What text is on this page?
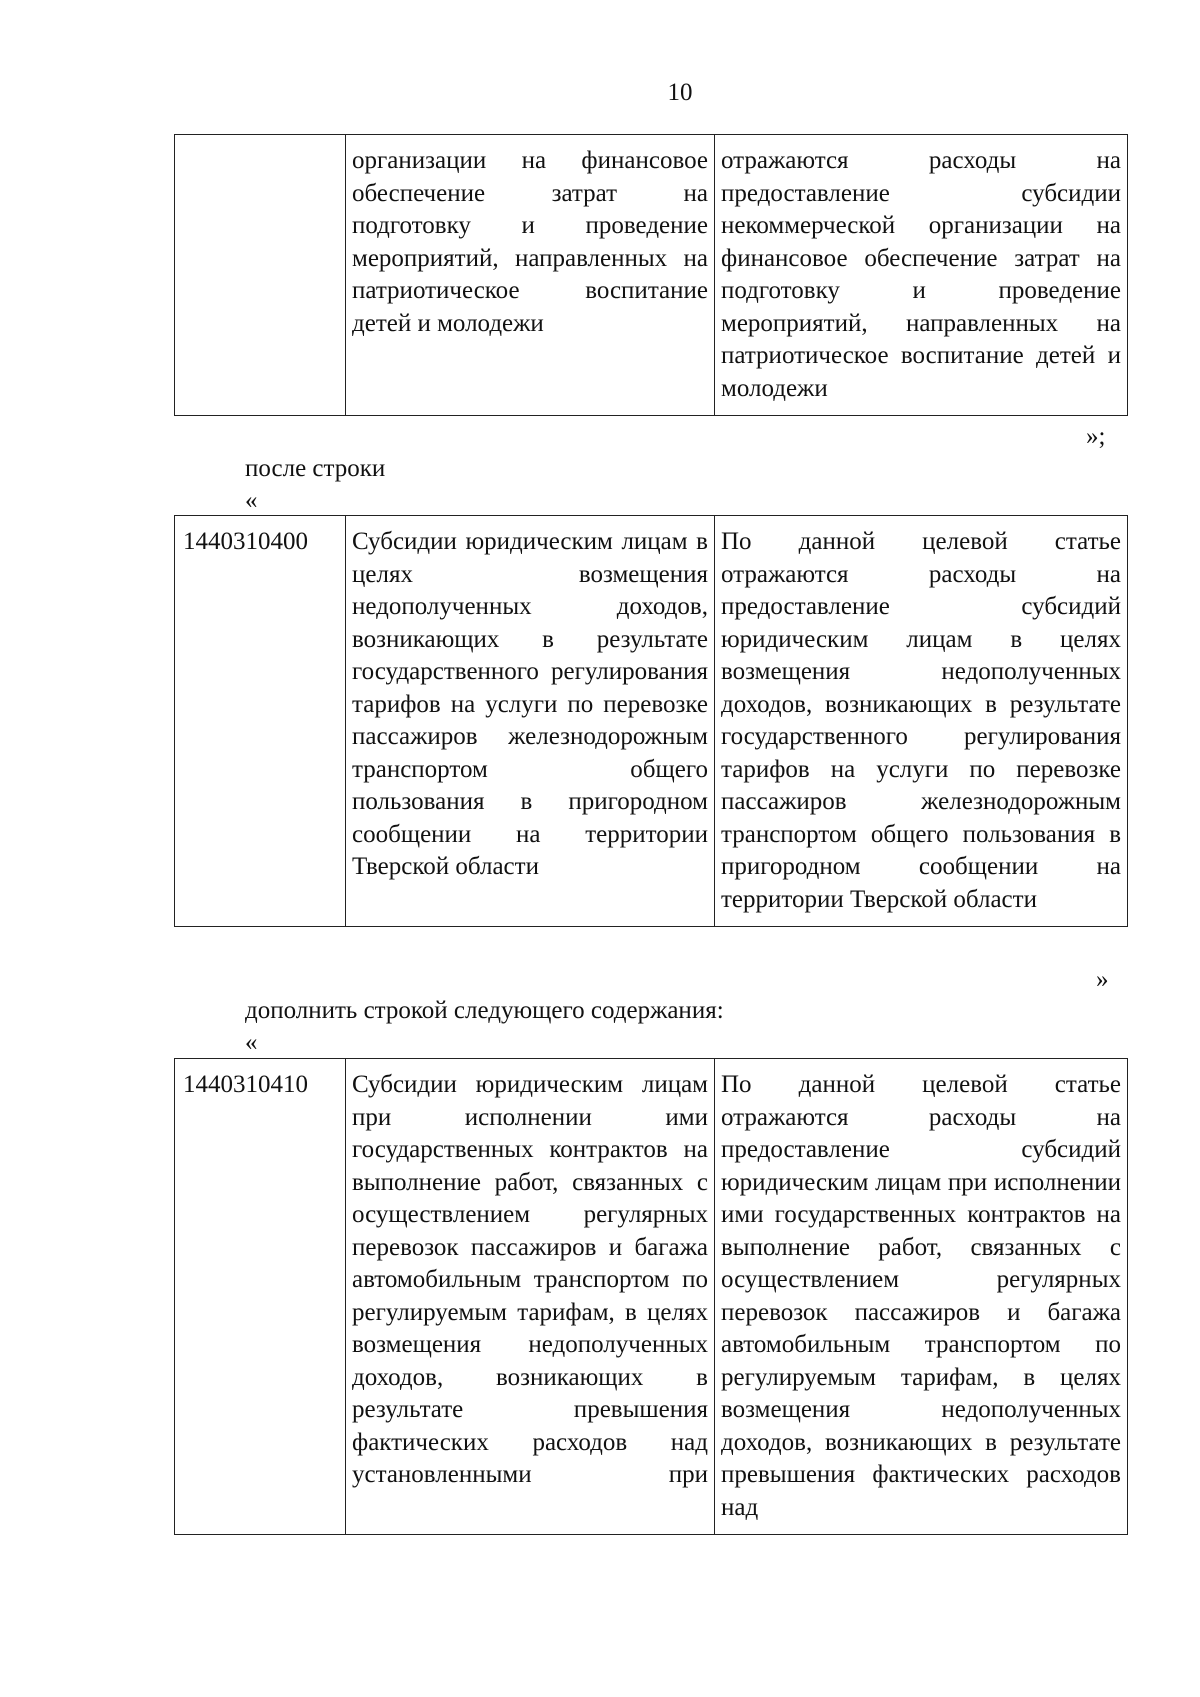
10
	организации на финансовое обеспечение затрат на подготовку и проведение мероприятий, направленных на патриотическое воспитание детей и молодежи	отражаются расходы на предоставление субсидии некоммерческой организации на финансовое обеспечение затрат на подготовку и проведение мероприятий, направленных на патриотическое воспитание детей и молодежи
»;
после строки
«
1440310400	Субсидии юридическим лицам в целях возмещения недополученных доходов, возникающих в результате государственного регулирования тарифов на услуги по перевозке пассажиров железнодорожным транспортом общего пользования в пригородном сообщении на территории Тверской области	По данной целевой статье отражаются расходы на предоставление субсидий юридическим лицам в целях возмещения недополученных доходов, возникающих в результате государственного регулирования тарифов на услуги по перевозке пассажиров железнодорожным транспортом общего пользования в пригородном сообщении на территории Тверской области
»
дополнить строкой следующего содержания:
«
1440310410	Субсидии юридическим лицам при исполнении ими государственных контрактов на выполнение работ, связанных с осуществлением регулярных перевозок пассажиров и багажа автомобильным транспортом по регулируемым тарифам, в целях возмещения недополученных доходов, возникающих в результате превышения фактических расходов над установленными при	По данной целевой статье отражаются расходы на предоставление субсидий юридическим лицам при исполнении ими государственных контрактов на выполнение работ, связанных с осуществлением регулярных перевозок пассажиров и багажа автомобильным транспортом по регулируемым тарифам, в целях возмещения недополученных доходов, возникающих в результате превышения фактических расходов над
